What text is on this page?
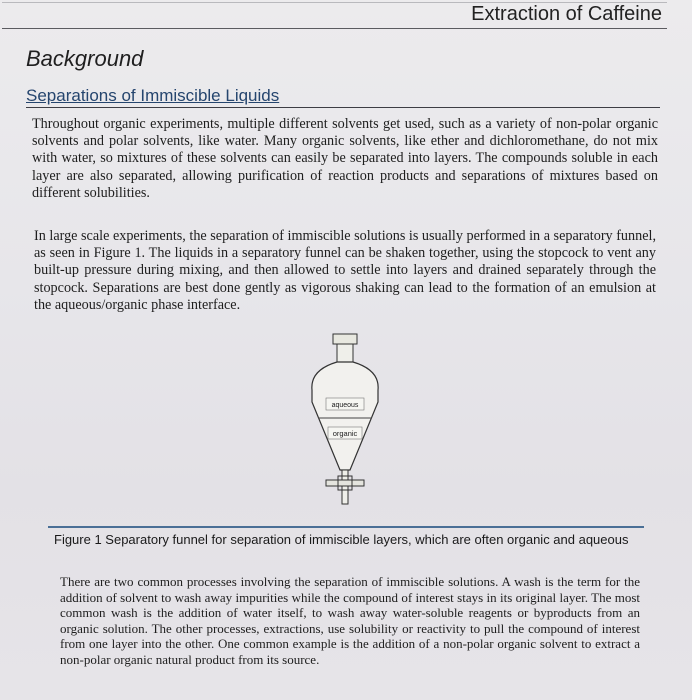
Extraction of Caffeine
Background
Separations of Immiscible Liquids
Throughout organic experiments, multiple different solvents get used, such as a variety of non-polar organic solvents and polar solvents, like water. Many organic solvents, like ether and dichloromethane, do not mix with water, so mixtures of these solvents can easily be separated into layers. The compounds soluble in each layer are also separated, allowing purification of reaction products and separations of mixtures based on different solubilities.
In large scale experiments, the separation of immiscible solutions is usually performed in a separatory funnel, as seen in Figure 1. The liquids in a separatory funnel can be shaken together, using the stopcock to vent any built-up pressure during mixing, and then allowed to settle into layers and drained separately through the stopcock. Separations are best done gently as vigorous shaking can lead to the formation of an emulsion at the aqueous/organic phase interface.
aqueous
organic
Figure 1 Separatory funnel for separation of immiscible layers, which are often organic and aqueous
There are two common processes involving the separation of immiscible solutions. A wash is the term for the addition of solvent to wash away impurities while the compound of interest stays in its original layer. The most common wash is the addition of water itself, to wash away water-soluble reagents or byproducts from an organic solution. The other processes, extractions, use solubility or reactivity to pull the compound of interest from one layer into the other. One common example is the addition of a non-polar organic solvent to extract a non-polar organic natural product from its source.
